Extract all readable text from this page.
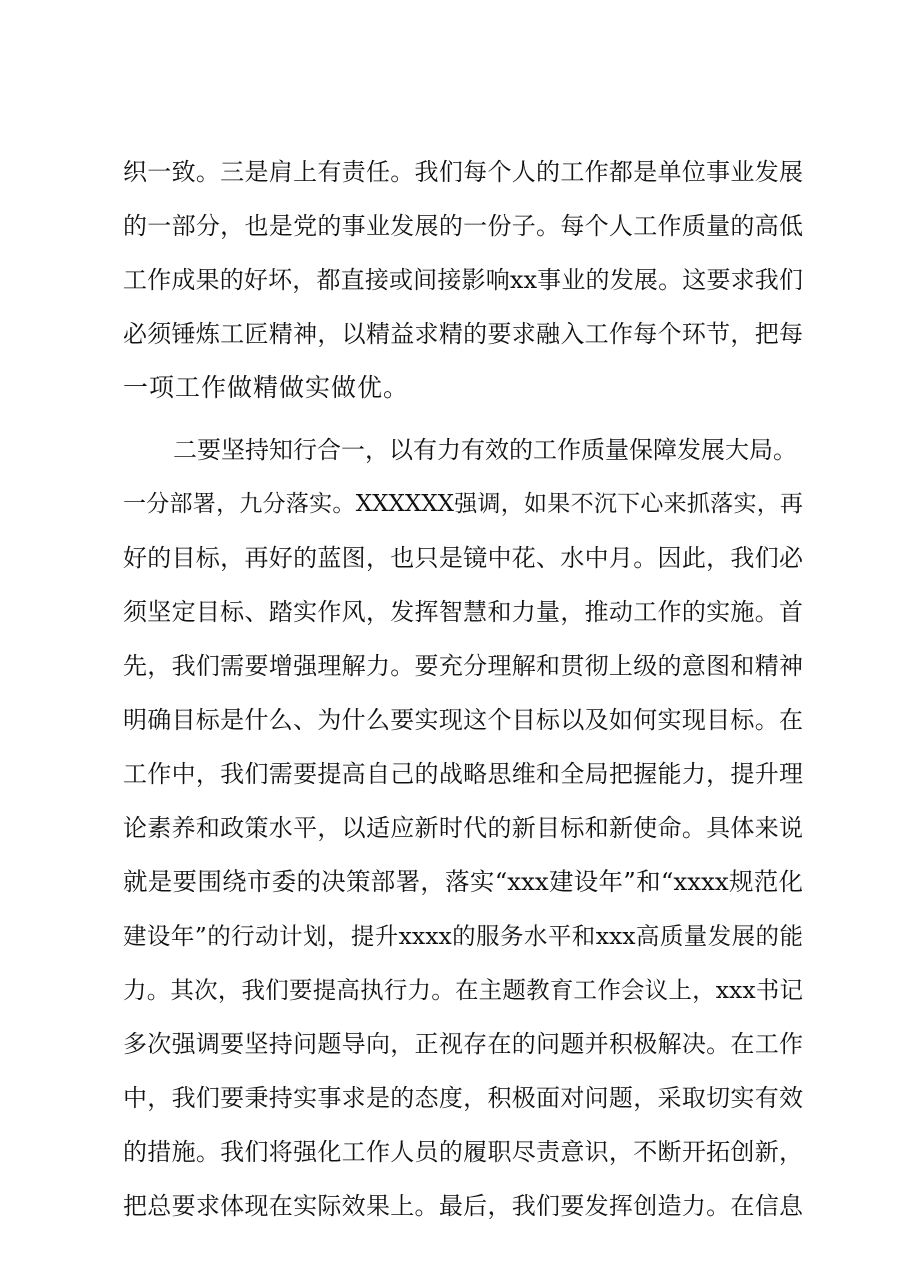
织一致。三是肩上有责任。我们每个人的工作都是单位事业发展
的一部分，也是党的事业发展的一份子。每个人工作质量的高低
工作成果的好坏，都直接或间接影响xx事业的发展。这要求我们
必须锤炼工匠精神，以精益求精的要求融入工作每个环节，把每
一项工作做精做实做优。
二要坚持知行合一，以有力有效的工作质量保障发展大局。
一分部署，九分落实。XXXXXX强调，如果不沉下心来抓落实，再
好的目标，再好的蓝图，也只是镜中花、水中月。因此，我们必
须坚定目标、踏实作风，发挥智慧和力量，推动工作的实施。首
先，我们需要增强理解力。要充分理解和贯彻上级的意图和精神
明确目标是什么、为什么要实现这个目标以及如何实现目标。在
工作中，我们需要提高自己的战略思维和全局把握能力，提升理
论素养和政策水平，以适应新时代的新目标和新使命。具体来说
就是要围绕市委的决策部署，落实“xxx建设年”和“xxxx规范化
建设年”的行动计划，提升xxxx的服务水平和xxx高质量发展的能
力。其次，我们要提高执行力。在主题教育工作会议上，xxx书记
多次强调要坚持问题导向，正视存在的问题并积极解决。在工作
中，我们要秉持实事求是的态度，积极面对问题，采取切实有效
的措施。我们将强化工作人员的履职尽责意识，不断开拓创新，
把总要求体现在实际效果上。最后，我们要发挥创造力。在信息
